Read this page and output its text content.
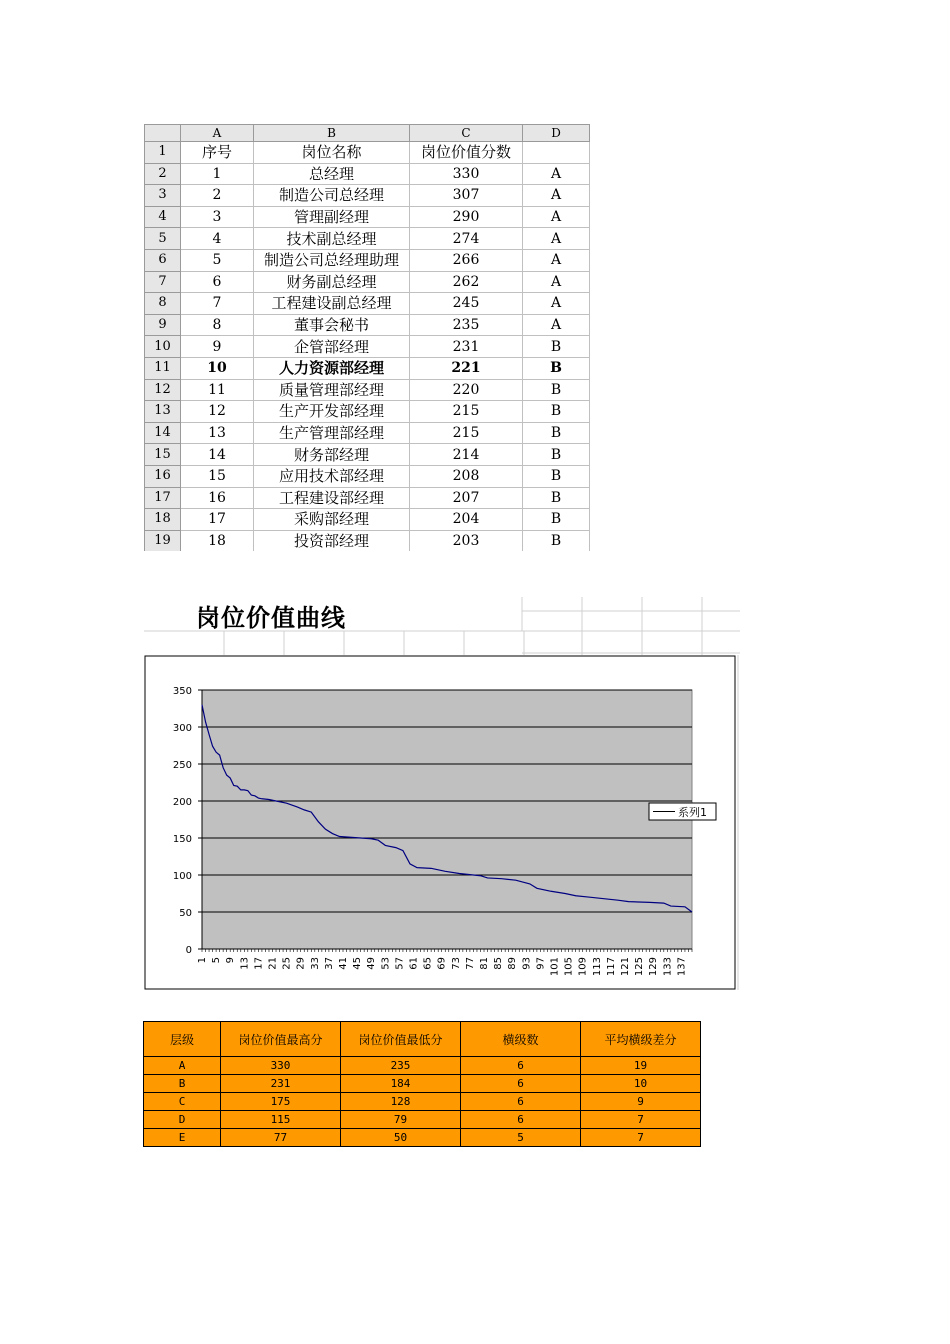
	A	B	C	D
1	序号	岗位名称	岗位价值分数	
2	1	总经理	330	A
3	2	制造公司总经理	307	A
4	3	管理副经理	290	A
5	4	技术副总经理	274	A
6	5	制造公司总经理助理	266	A
7	6	财务副总经理	262	A
8	7	工程建设副总经理	245	A
9	8	董事会秘书	235	A
10	9	企管部经理	231	B
11	10	人力资源部经理	221	B
12	11	质量管理部经理	220	B
13	12	生产开发部经理	215	B
14	13	生产管理部经理	215	B
15	14	财务部经理	214	B
16	15	应用技术部经理	208	B
17	16	工程建设部经理	207	B
18	17	采购部经理	204	B
19	18	投资部经理	203	B
岗位价值曲线
0
50
100
150
200
250
300
350
1 5 9 13 17 21 25 29 33 37 41 45 49 53 57 61 65 69 73 77 81 85 89 93 97 101 105 109 113 117 121 125 129 133 137
系列1
层级	岗位价值最高分	岗位价值最低分	横级数	平均横级差分
A	330	235	6	19
B	231	184	6	10
C	175	128	6	9
D	115	79	6	7
E	77	50	5	7
